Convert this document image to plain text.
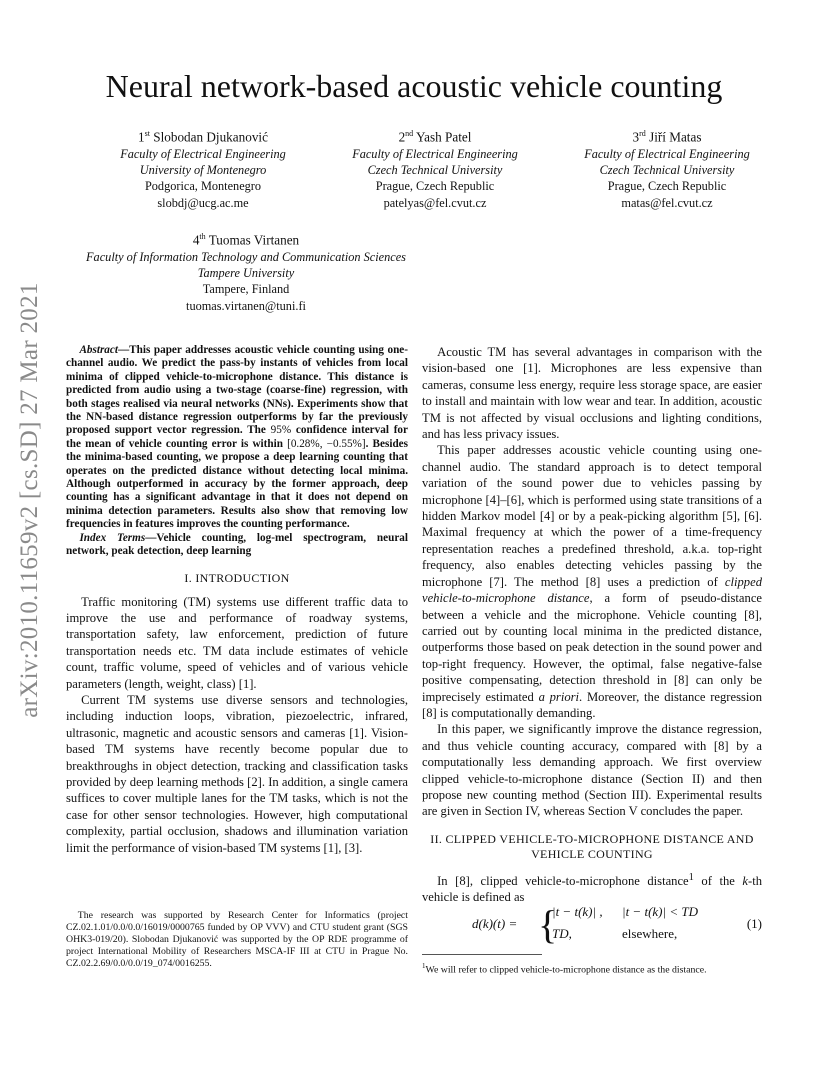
arXiv:2010.11659v2 [cs.SD] 27 Mar 2021
Neural network-based acoustic vehicle counting
1st Slobodan Djukanović
Faculty of Electrical Engineering
University of Montenegro
Podgorica, Montenegro
slobdj@ucg.ac.me
2nd Yash Patel
Faculty of Electrical Engineering
Czech Technical University
Prague, Czech Republic
patelyas@fel.cvut.cz
3rd Jiří Matas
Faculty of Electrical Engineering
Czech Technical University
Prague, Czech Republic
matas@fel.cvut.cz
4th Tuomas Virtanen
Faculty of Information Technology and Communication Sciences
Tampere University
Tampere, Finland
tuomas.virtanen@tuni.fi
Abstract—This paper addresses acoustic vehicle counting using one-channel audio. We predict the pass-by instants of vehicles from local minima of clipped vehicle-to-microphone distance. This distance is predicted from audio using a two-stage (coarse-fine) regression, with both stages realised via neural networks (NNs). Experiments show that the NN-based distance regression outperforms by far the previously proposed support vector regression. The 95% confidence interval for the mean of vehicle counting error is within [0.28%, −0.55%]. Besides the minima-based counting, we propose a deep learning counting that operates on the predicted distance without detecting local minima. Although outperformed in accuracy by the former approach, deep counting has a significant advantage in that it does not depend on minima detection parameters. Results also show that removing low frequencies in features improves the counting performance.
Index Terms—Vehicle counting, log-mel spectrogram, neural network, peak detection, deep learning
I. INTRODUCTION

Traffic monitoring (TM) systems use different traffic data to improve the use and performance of roadway systems, transportation safety, law enforcement, prediction of future transportation needs etc. TM data include estimates of vehicle count, traffic volume, speed of vehicles and of various vehicle parameters (length, weight, class) [1].

Current TM systems use diverse sensors and technologies, including induction loops, vibration, piezoelectric, infrared, ultrasonic, magnetic and acoustic sensors and cameras [1]. Vision-based TM systems have recently become popular due to breakthroughs in object detection, tracking and classification tasks provided by deep learning methods [2]. In addition, a single camera suffices to cover multiple lanes for the TM tasks, which is not the case for other sensor technologies. However, high computational complexity, partial occlusion, shadows and illumination variation limit the performance of vision-based TM systems [1], [3].

The research was supported by Research Center for Informatics (project CZ.02.1.01/0.0/0.0/16019/0000765 funded by OP VVV) and CTU student grant (SGS OHK3-019/20). Slobodan Djukanović was supported by the OP RDE programme of project International Mobility of Researchers MSCA-IF III at CTU in Prague No. CZ.02.2.69/0.0/0.0/19_074/0016255.

Acoustic TM has several advantages in comparison with the vision-based one [1]. Microphones are less expensive than cameras, consume less energy, require less storage space, are easier to install and maintain with low wear and tear. In addition, acoustic TM is not affected by visual occlusions and lighting conditions, and has less privacy issues.

This paper addresses acoustic vehicle counting using one-channel audio. The standard approach is to detect temporal variation of the sound power due to vehicles passing by microphone [4]–[6], which is performed using state transitions of a hidden Markov model [4] or by a peak-picking algorithm [5], [6]. Maximal frequency at which the power of a time-frequency representation reaches a predefined threshold, a.k.a. top-right frequency, also enables detecting vehicles passing by the microphone [7]. The method [8] uses a prediction of clipped vehicle-to-microphone distance, a form of pseudo-distance between a vehicle and the microphone. Vehicle counting [8], carried out by counting local minima in the predicted distance, outperforms those based on peak detection in the sound power and top-right frequency. However, the optimal, false negative-false positive compensating, detection threshold in [8] can only be imprecisely estimated a priori. Moreover, the distance regression [8] is computationally demanding.

In this paper, we significantly improve the distance regression, and thus vehicle counting accuracy, compared with [8] by a computationally less demanding approach. We first overview clipped vehicle-to-microphone distance (Section II) and then propose new counting method (Section III). Experimental results are given in Section IV, whereas Section V concludes the paper.

II. CLIPPED VEHICLE-TO-MICROPHONE DISTANCE AND
VEHICLE COUNTING

In [8], clipped vehicle-to-microphone distance$^1$ of the k-th vehicle is defined as

d(k)(t) = {
|t − t(k)| , |t − t(k)| < TD
TD,	elsewhere,
(1)
$^1$We will refer to clipped vehicle-to-microphone distance as the distance.
